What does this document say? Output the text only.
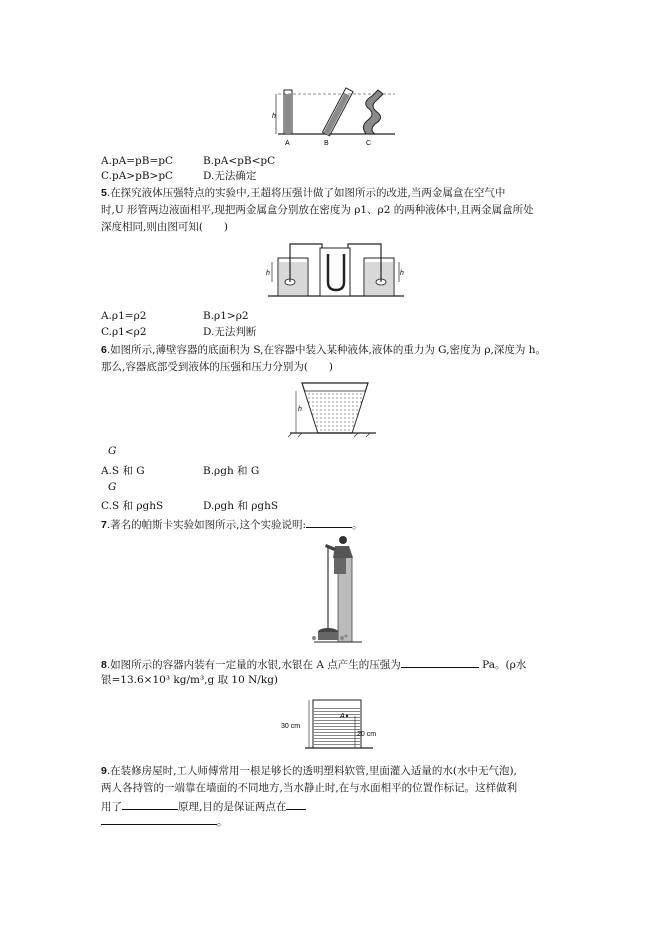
h
A	B	C
A.pA=pB=pC	B.pA<pB<pC
C.pA>pB>pC	D.无法确定
5.在探究液体压强特点的实验中,王超将压强计做了如图所示的改进,当两金属盒在空气中
时,U 形管两边液面相平,现把两金属盒分别放在密度为 ρ1、ρ2 的两种液体中,且两金属盒所处
深度相同,则由图可知(　　)
h	h
A.ρ1=ρ2	B.ρ1>ρ2
C.ρ1<ρ2	D.无法判断
6.如图所示,薄壁容器的底面积为 S,在容器中装入某种液体,液体的重力为 G,密度为 ρ,深度为 h。
那么,容器底部受到液体的压强和压力分别为(　　)
h
G
A.S 和 G	B.ρgh 和 G
G
C.S 和 ρghS	D.ρgh 和 ρghS
7.著名的帕斯卡实验如图所示,这个实验说明:	。
8.如图所示的容器内装有一定量的水银,水银在 A 点产生的压强为	Pa。(ρ水
银=13.6×10³ kg/m³,g 取 10 N/kg)
30 cm
20 cm
A
9.在装修房屋时,工人师傅常用一根足够长的透明塑料软管,里面灌入适量的水(水中无气泡),
两人各持管的一端靠在墙面的不同地方,当水静止时,在与水面相平的位置作标记。这样做利
用了	原理,目的是保证两点在
。
